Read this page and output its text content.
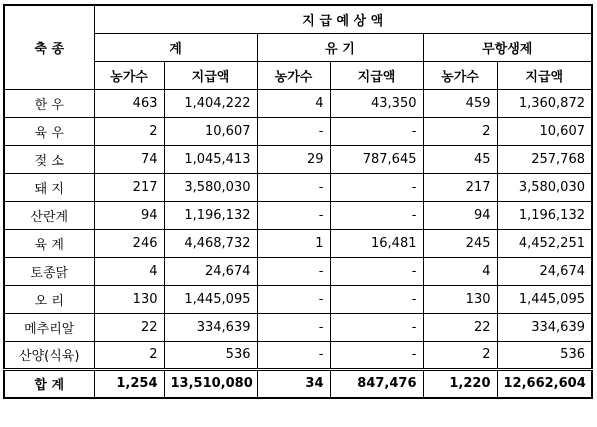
축 종	지 급 예 상 액					
	계		유 기		무항생제	
	농가수	지급액	농가수	지급액	농가수	지급액
한 우	463	1,404,222	4	43,350	459	1,360,872
육 우	2	10,607	-	-	2	10,607
젖 소	74	1,045,413	29	787,645	45	257,768
돼 지	217	3,580,030	-	-	217	3,580,030
산란계	94	1,196,132	-	-	94	1,196,132
육 계	246	4,468,732	1	16,481	245	4,452,251
토종닭	4	24,674	-	-	4	24,674
오 리	130	1,445,095	-	-	130	1,445,095
메추리알	22	334,639	-	-	22	334,639
산양(식육)	2	536	-	-	2	536
합 계	1,254	13,510,080	34	847,476	1,220	12,662,604
